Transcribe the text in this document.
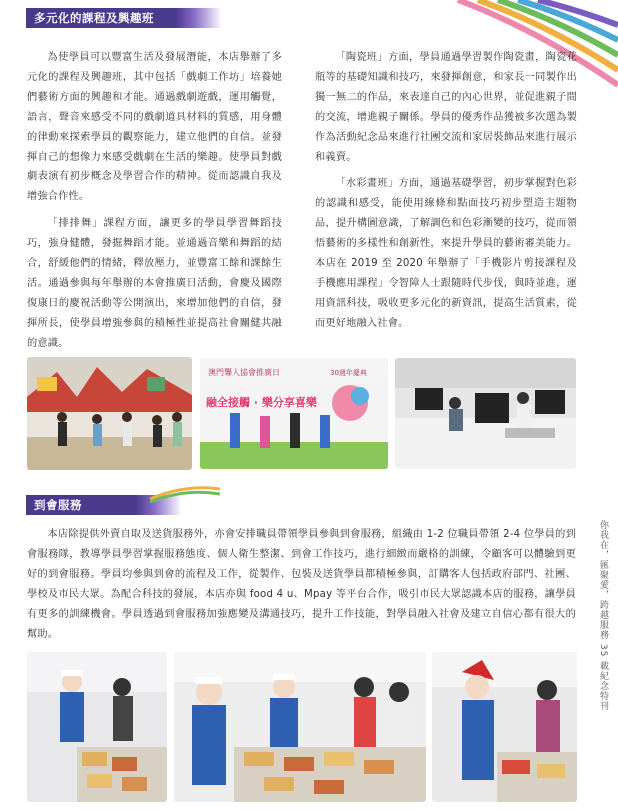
多元化的課程及興趣班

為使學員可以豐富生活及發展潛能，本店舉辦了多元化的課程及興趣班，其中包括「戲劇工作坊」培養她們藝術方面的興趣和才能。通過戲劇遊戲，運用觸覺，語言，聲音來感受不同的戲劇道具材料的質感，用身體的律動來探索學員的觀察能力，建立他們的自信。並發揮自己的想像力來感受戲劇在生活的樂趣。使學員對戲劇表演有初步概念及學習合作的精神。從而認識自我及增強合作性。

「排排舞」課程方面，讓更多的學員學習舞蹈技巧，強身健體，發掘舞蹈才能。並通過音樂和舞蹈的結合，舒緩他們的情緒，釋放壓力，並豐富工餘和課餘生活。通過參與每年舉辦的本會推廣日活動，會慶及國際復康日的慶祝活動等公開演出，來增加他們的自信，發揮所長，使學員增強參與的積極性並提高社會關健共融的意識。

「陶瓷班」方面，學員通過學習製作陶瓷畫，陶瓷花瓶等的基礎知識和技巧，來發揮創意，和家長一同製作出獨一無二的作品，來表達自己的內心世界，並促進親子間的交流，增進親子關係。學員的優秀作品獲被多次選為製作為活動紀念品來進行社團交流和家居裝飾品來進行展示和義賣。

「水彩畫班」方面，通過基礎學習，初步掌握對色彩的認識和感受，能使用線條和點面技巧初步塑造主題物品，提升構圖意識，了解調色和色彩漸變的技巧，從而領悟藝術的多樣性和創新性，來提升學員的藝術審美能力。本店在 2019 至 2020 年舉辦了「手機影片剪接課程及手機應用課程」令智障人士跟隨時代步伐，與時並進，運用資訊科技，吸收更多元化的新資訊，提高生活質素，從而更好地融入社會。

澳門聾人協會推廣日	30週年慶典
融全接觸 · 樂分享喜樂
到會服務

本店除提供外賣自取及送貨服務外，亦會安排職員帶領學員參與到會服務，組織由 1-2 位職員帶領 2-4 位學員的到會服務隊，教導學員學習掌握服務態度、個人衛生整潔、到會工作技巧，進行細緻而嚴格的訓練，令顧客可以體驗到更好的到會服務。學員均參與到會的流程及工作，從製作、包裝及送貨學員都積極參與，訂購客人包括政府部門、社團、學校及市民大眾。為配合科技的發展，本店亦與 food 4 u、Mpay 等平台合作，吸引市民大眾認識本店的服務，讓學員有更多的訓練機會。學員透過到會服務加強應變及溝通技巧，提升工作技能，對學員融入社會及建立自信心都有很大的幫助。	你我在，匯聚愛，跨越服務 35 載紀念特刊
